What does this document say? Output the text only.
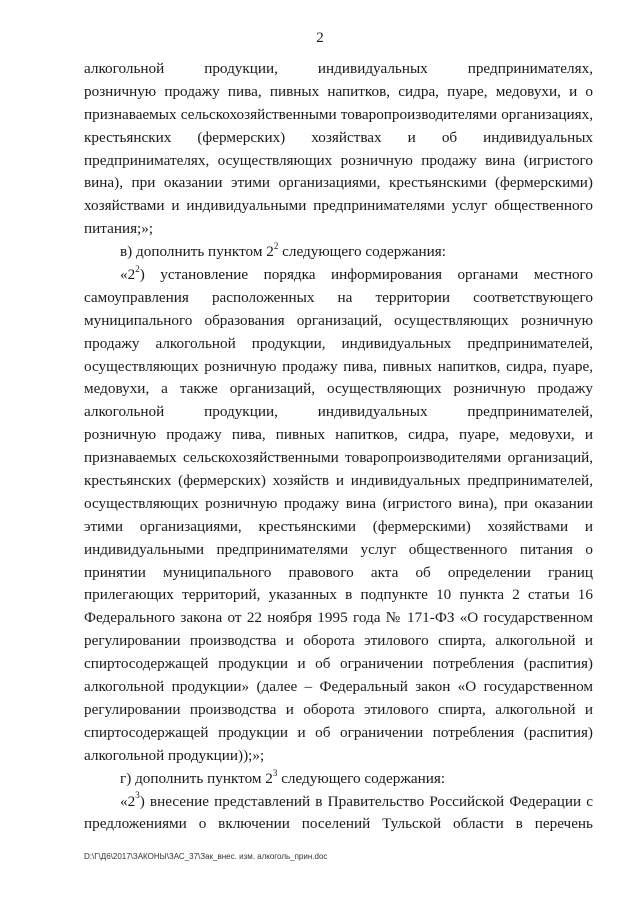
2
алкогольной продукции, индивидуальных предпринимателях,
розничную продажу пива, пивных напитков, сидра, пуаре, медовухи, и о
признаваемых сельскохозяйственными товаропроизводителями организациях,
крестьянских (фермерских) хозяйствах и об индивидуальных
предпринимателях, осуществляющих розничную продажу вина (игристого
вина), при оказании этими организациями, крестьянскими (фермерскими)
хозяйствами и индивидуальными предпринимателями услуг общественного
питания;»;
в) дополнить пунктом $2^2$ следующего содержания:
«$2^2$) установление порядка информирования органами местного
самоуправления расположенных на территории соответствующего
муниципального образования организаций, осуществляющих розничную
продажу алкогольной продукции, индивидуальных предпринимателей,
осуществляющих розничную продажу пива, пивных напитков, сидра, пуаре,
медовухи, а также организаций, осуществляющих розничную продажу
алкогольной продукции, индивидуальных предпринимателей,
розничную продажу пива, пивных напитков, сидра, пуаре, медовухи, и
признаваемых сельскохозяйственными товаропроизводителями организаций,
крестьянских (фермерских) хозяйств и индивидуальных предпринимателей,
осуществляющих розничную продажу вина (игристого вина), при оказании
этими организациями, крестьянскими (фермерскими) хозяйствами и
индивидуальными предпринимателями услуг общественного питания о
принятии муниципального правового акта об определении границ
прилегающих территорий, указанных в подпункте 10 пункта 2 статьи 16
Федерального закона от 22 ноября 1995 года № 171-ФЗ «О государственном
регулировании производства и оборота этилового спирта, алкогольной и
спиртосодержащей продукции и об ограничении потребления (распития)
алкогольной продукции» (далее – Федеральный закон «О государственном
регулировании производства и оборота этилового спирта, алкогольной и
спиртосодержащей продукции и об ограничении потребления (распития)
алкогольной продукции));»;
г) дополнить пунктом $2^3$ следующего содержания:
«$2^3$) внесение представлений в Правительство Российской Федерации с
предложениями о включении поселений Тульской области в перечень
D:\Г\Д6\2017\ЗАКОНЫ\ЗАС_37\Зак_внес. изм. алкоголь_прин.doc
